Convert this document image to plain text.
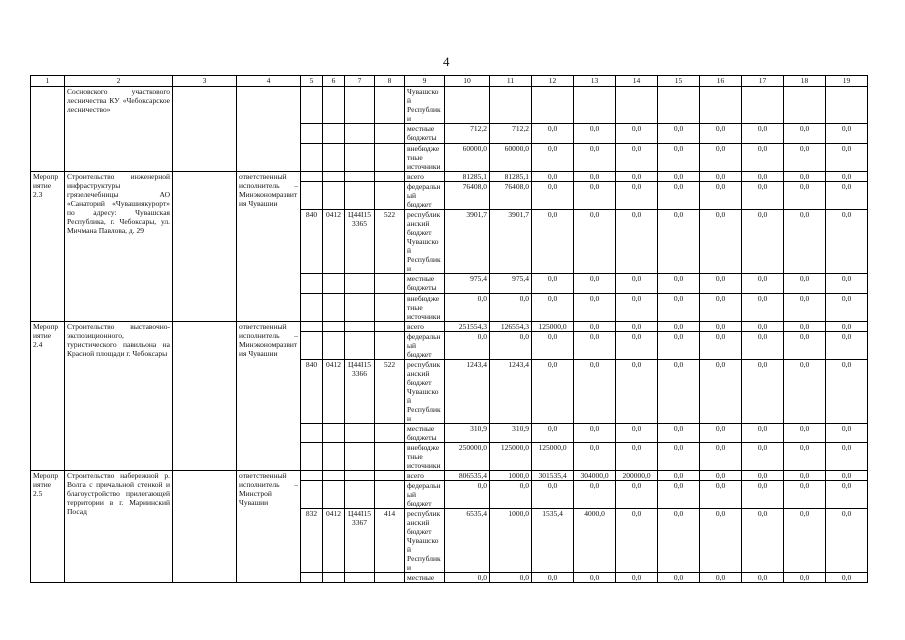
4
1	2	3	4	5	6	7	8	9	10	11	12	13	14	15	16	17	18	19
	Сосновского участкового лесничества КУ «Чебоксарское лесничество»							Чувашской Республики										
								местные бюджеты	712,2	712,2	0,0	0,0	0,0	0,0	0,0	0,0	0,0	0,0
								внебюджетные источники	60000,0	60000,0	0,0	0,0	0,0	0,0	0,0	0,0	0,0	0,0
Мероприятие 2.3	Строительство инженерной инфраструктуры грязелечебницы АО «Санаторий «Чувашиякурорт» по адресу: Чувашская Республика, г. Чебоксары, ул. Мичмана Павлова, д. 29		ответственный исполнитель – Минэкономразвития Чувашии					всего	81285,1	81285,1	0,0	0,0	0,0	0,0	0,0	0,0	0,0	0,0
								федеральный бюджет	76408,0	76408,0	0,0	0,0	0,0	0,0	0,0	0,0	0,0	0,0
				840	0412	Ц44І15 3365	522	республиканский бюджет Чувашской Республики	3901,7	3901,7	0,0	0,0	0,0	0,0	0,0	0,0	0,0	0,0
								местные бюджеты	975,4	975,4	0,0	0,0	0,0	0,0	0,0	0,0	0,0	0,0
								внебюджетные источники	0,0	0,0	0,0	0,0	0,0	0,0	0,0	0,0	0,0	0,0
Мероприятие 2.4	Строительство выставочно-экспозиционного, туристического павильона на Красной площади г. Чебоксары		ответственный исполнитель – Минэкономразвития Чувашии					всего	251554,3	126554,3	125000,0	0,0	0,0	0,0	0,0	0,0	0,0	0,0
								федеральный бюджет	0,0	0,0	0,0	0,0	0,0	0,0	0,0	0,0	0,0	0,0
				840	0412	Ц44І15 3366	522	республиканский бюджет Чувашской Республики	1243,4	1243,4	0,0	0,0	0,0	0,0	0,0	0,0	0,0	0,0
								местные бюджеты	310,9	310,9	0,0	0,0	0,0	0,0	0,0	0,0	0,0	0,0
								внебюджетные источники	250000,0	125000,0	125000,0	0,0	0,0	0,0	0,0	0,0	0,0	0,0
Мероприятие 2.5	Строительство набережной р. Волга с причальной стенкой и благоустройство прилегающей территории в г. Мариинский Посад		ответственный исполнитель – Минстрой Чувашии					всего	806535,4	1000,0	301535,4	304000,0	200000,0	0,0	0,0	0,0	0,0	0,0
								федеральный бюджет	0,0	0,0	0,0	0,0	0,0	0,0	0,0	0,0	0,0	0,0
				832	0412	Ц44І15 3367	414	республиканский бюджет Чувашской Республики	6535,4	1000,0	1535,4	4000,0	0,0	0,0	0,0	0,0	0,0	0,0
								местные	0,0	0,0	0,0	0,0	0,0	0,0	0,0	0,0	0,0	0,0
